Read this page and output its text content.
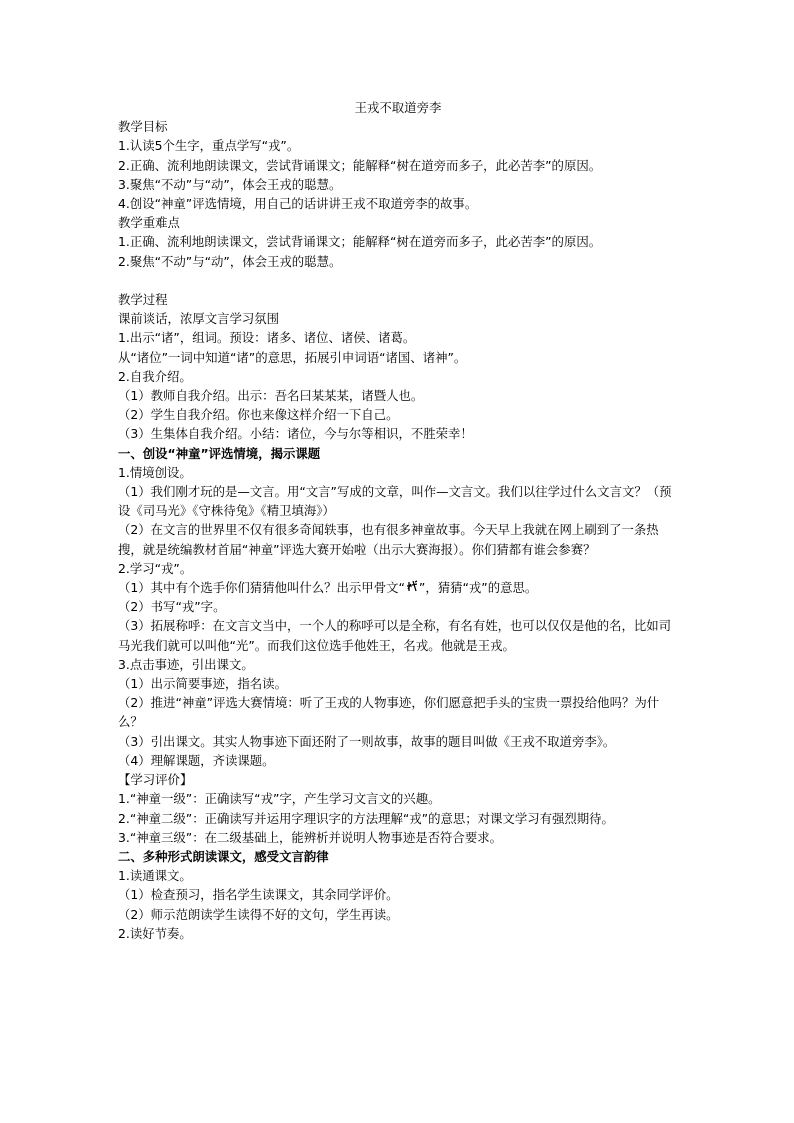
王戎不取道旁李
教学目标
1.认读5个生字，重点学写“戎”。
2.正确、流利地朗读课文，尝试背诵课文；能解释“树在道旁而多子，此必苦李”的原因。
3.聚焦“不动”与“动”，体会王戎的聪慧。
4.创设“神童”评选情境，用自己的话讲讲王戎不取道旁李的故事。
教学重难点
1.正确、流利地朗读课文，尝试背诵课文；能解释“树在道旁而多子，此必苦李”的原因。
2.聚焦“不动”与“动”，体会王戎的聪慧。
教学过程
课前谈话，浓厚文言学习氛围
1.出示“诸”，组词。预设：诸多、诸位、诸侯、诸葛。
从“诸位”一词中知道“诸”的意思，拓展引申词语“诸国、诸神”。
2.自我介绍。
（1）教师自我介绍。出示：吾名曰某某某，诸暨人也。
（2）学生自我介绍。你也来像这样介绍一下自己。
（3）生集体自我介绍。小结：诸位，今与尔等相识，不胜荣幸！
一、创设“神童”评选情境，揭示课题
1.情境创设。
（1）我们刚才玩的是—文言。用“文言”写成的文章，叫作—文言文。我们以往学过什么文言文？（预设《司马光》《守株待兔》《精卫填海》）
（2）在文言的世界里不仅有很多奇闻轶事，也有很多神童故事。今天早上我就在网上刷到了一条热搜，就是统编教材首届“神童”评选大赛开始啦（出示大赛海报）。你们猜都有谁会参赛？
2.学习“戎”。
（1）其中有个选手你们猜猜他叫什么？出示甲骨文“ ”，猜猜“戎”的意思。
（2）书写“戎”字。
（3）拓展称呼：在文言文当中，一个人的称呼可以是全称，有名有姓，也可以仅仅是他的名，比如司马光我们就可以叫他“光”。而我们这位选手他姓王，名戎。他就是王戎。
3.点击事迹，引出课文。
（1）出示简要事迹，指名读。
（2）推进“神童”评选大赛情境：听了王戎的人物事迹，你们愿意把手头的宝贵一票投给他吗？为什么？
（3）引出课文。其实人物事迹下面还附了一则故事，故事的题目叫做《王戎不取道旁李》。
（4）理解课题，齐读课题。
【学习评价】
1.“神童一级”：正确读写“戎”字，产生学习文言文的兴趣。
2.“神童二级”：正确读写并运用字理识字的方法理解“戎”的意思；对课文学习有强烈期待。
3.“神童三级”：在二级基础上，能辨析并说明人物事迹是否符合要求。
二、多种形式朗读课文，感受文言韵律
1.读通课文。
（1）检查预习，指名学生读课文，其余同学评价。
（2）师示范朗读学生读得不好的文句，学生再读。
2.读好节奏。
